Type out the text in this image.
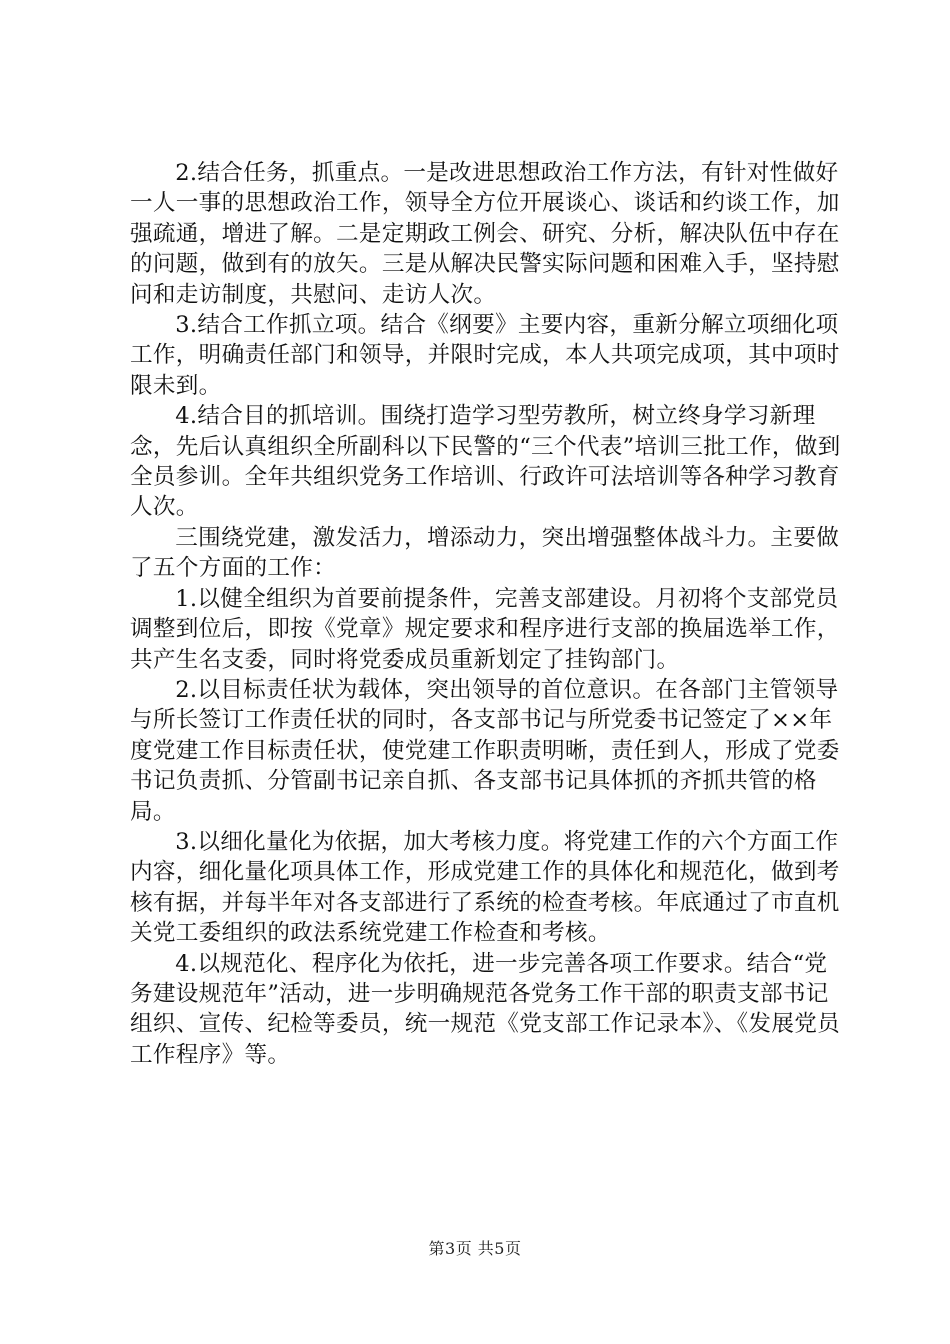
2.结合任务，抓重点。一是改进思想政治工作方法，有针对性做好一人一事的思想政治工作，领导全方位开展谈心、谈话和约谈工作，加强疏通，增进了解。二是定期政工例会、研究、分析，解决队伍中存在的问题，做到有的放矢。三是从解决民警实际问题和困难入手，坚持慰问和走访制度，共慰问、走访人次。

3.结合工作抓立项。结合《纲要》主要内容，重新分解立项细化项工作，明确责任部门和领导，并限时完成，本人共项完成项，其中项时限未到。

4.结合目的抓培训。围绕打造学习型劳教所，树立终身学习新理念，先后认真组织全所副科以下民警的“三个代表”培训三批工作，做到全员参训。全年共组织党务工作培训、行政许可法培训等各种学习教育人次。

三围绕党建，激发活力，增添动力，突出增强整体战斗力。主要做了五个方面的工作：

1.以健全组织为首要前提条件，完善支部建设。月初将个支部党员调整到位后，即按《党章》规定要求和程序进行支部的换届选举工作，共产生名支委，同时将党委成员重新划定了挂钩部门。

2.以目标责任状为载体，突出领导的首位意识。在各部门主管领导与所长签订工作责任状的同时，各支部书记与所党委书记签定了××年度党建工作目标责任状，使党建工作职责明晰，责任到人，形成了党委书记负责抓、分管副书记亲自抓、各支部书记具体抓的齐抓共管的格局。

3.以细化量化为依据，加大考核力度。将党建工作的六个方面工作内容，细化量化项具体工作，形成党建工作的具体化和规范化，做到考核有据，并每半年对各支部进行了系统的检查考核。年底通过了市直机关党工委组织的政法系统党建工作检查和考核。

4.以规范化、程序化为依托，进一步完善各项工作要求。结合“党务建设规范年”活动，进一步明确规范各党务工作干部的职责支部书记组织、宣传、纪检等委员，统一规范《党支部工作记录本》、《发展党员工作程序》等。

第3页 共5页
